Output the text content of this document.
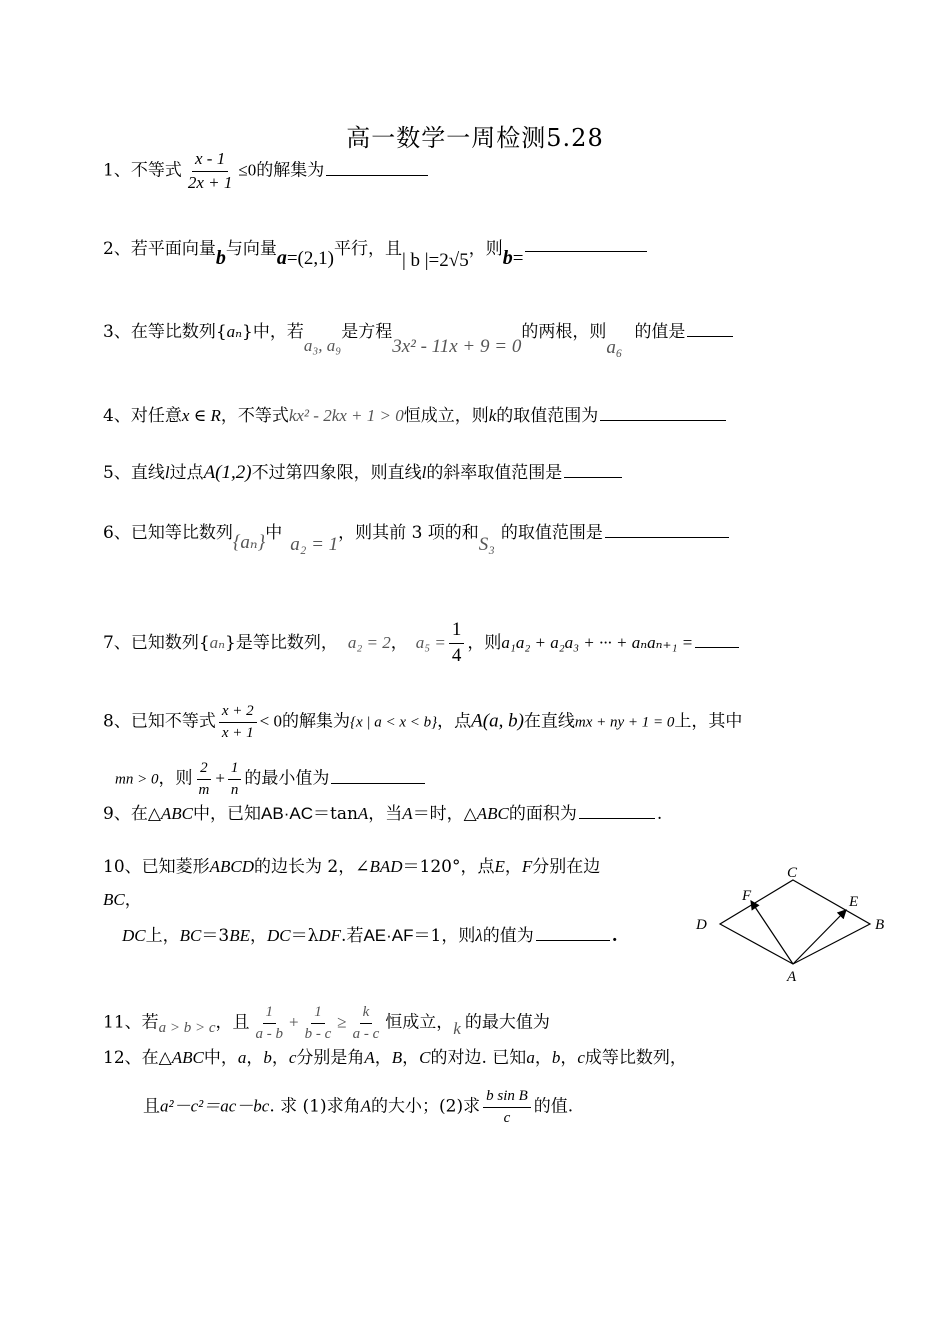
高一数学一周检测5.28
1、不等式 $\frac{x - 1}{2x + 1} \le 0$的解集为
2、若平面向量b与向量a=(2,1)平行，且| b |=2√5，则b=
3、在等比数列{aₙ}中，若a₃, a₉是方程3x² - 11x + 9 = 0的两根，则a₆的值是
4、对任意x ∈ R，不等式kx² - 2kx + 1 > 0恒成立，则k的取值范围为
5、直线l过点A(1,2)不过第四象限，则直线l的斜率取值范围是
6、已知等比数列{aₙ}中a₂ = 1，则其前 3 项的和S₃的取值范围是
7、已知数列{aₙ}是等比数列， a₂ = 2， $a_5 = \frac{1}{4}$ ，则a₁a₂ + a₂a₃ + ··· + aₙaₙ₊₁ =
8、已知不等式 $\frac{x + 2}{x + 1} < 0$的解集为{x | a < x < b}，点A(a, b)在直线mx + ny + 1 = 0上，其中
mn > 0，则 $\frac{2}{m} + \frac{1}{n}$ 的最小值为
9、在△ABC中，已知AB·AC＝tanA，当A＝时，△ABC的面积为	.
10、已知菱形ABCD的边长为 2，∠BAD＝120°，点E，F分别在边
BC，
DC上，BC＝3BE，DC＝λDF.若AE·AF＝1，则λ的值为	.
C
F	E
D	B
A
11、若a > b > c，且 $\frac{1}{a - b} + \frac{1}{b - c} \ge \frac{k}{a - c}$ 恒成立，k 的最大值为
12、在△ABC中，a，b，c分别是角A，B，C的对边. 已知a，b，c成等比数列，
且a²－c²＝ac－bc. 求 (1)求角A的大小；(2)求 $\frac{\text{b sin B}}{c}$ 的值.
